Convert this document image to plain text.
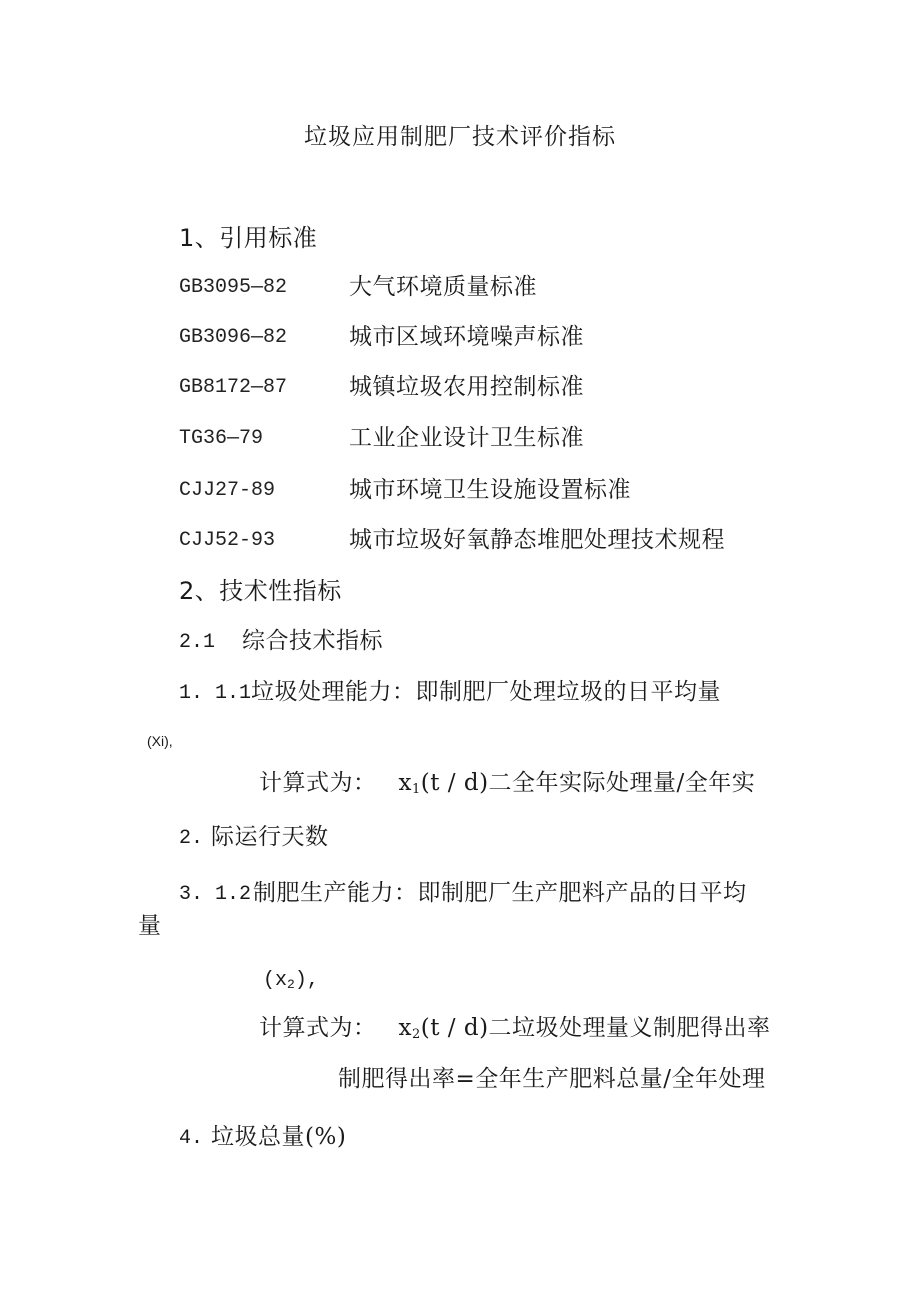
垃圾应用制肥厂技术评价指标
1、引用标准
GB3095—82	大气环境质量标准
GB3096—82	城市区域环境噪声标准
GB8172—87	城镇垃圾农用控制标准
TG36—79	工业企业设计卫生标准
CJJ27-89	城市环境卫生设施设置标准
CJJ52-93	城市垃圾好氧静态堆肥处理技术规程
2、技术性指标
2.1 综合技术指标
1. 1.1 垃圾处理能力：即制肥厂处理垃圾的日平均量
(Xi),
计算式为： $x_1(t / d)$二全年实际处理量/全年实
2. 际运行天数
3. 1.2 制肥生产能力：即制肥厂生产肥料产品的日平均
量
$(x_2)$,
计算式为： $x_2(t / d)$二垃圾处理量义制肥得出率
制肥得出率=全年生产肥料总量/全年处理
4. 垃圾总量(%)
